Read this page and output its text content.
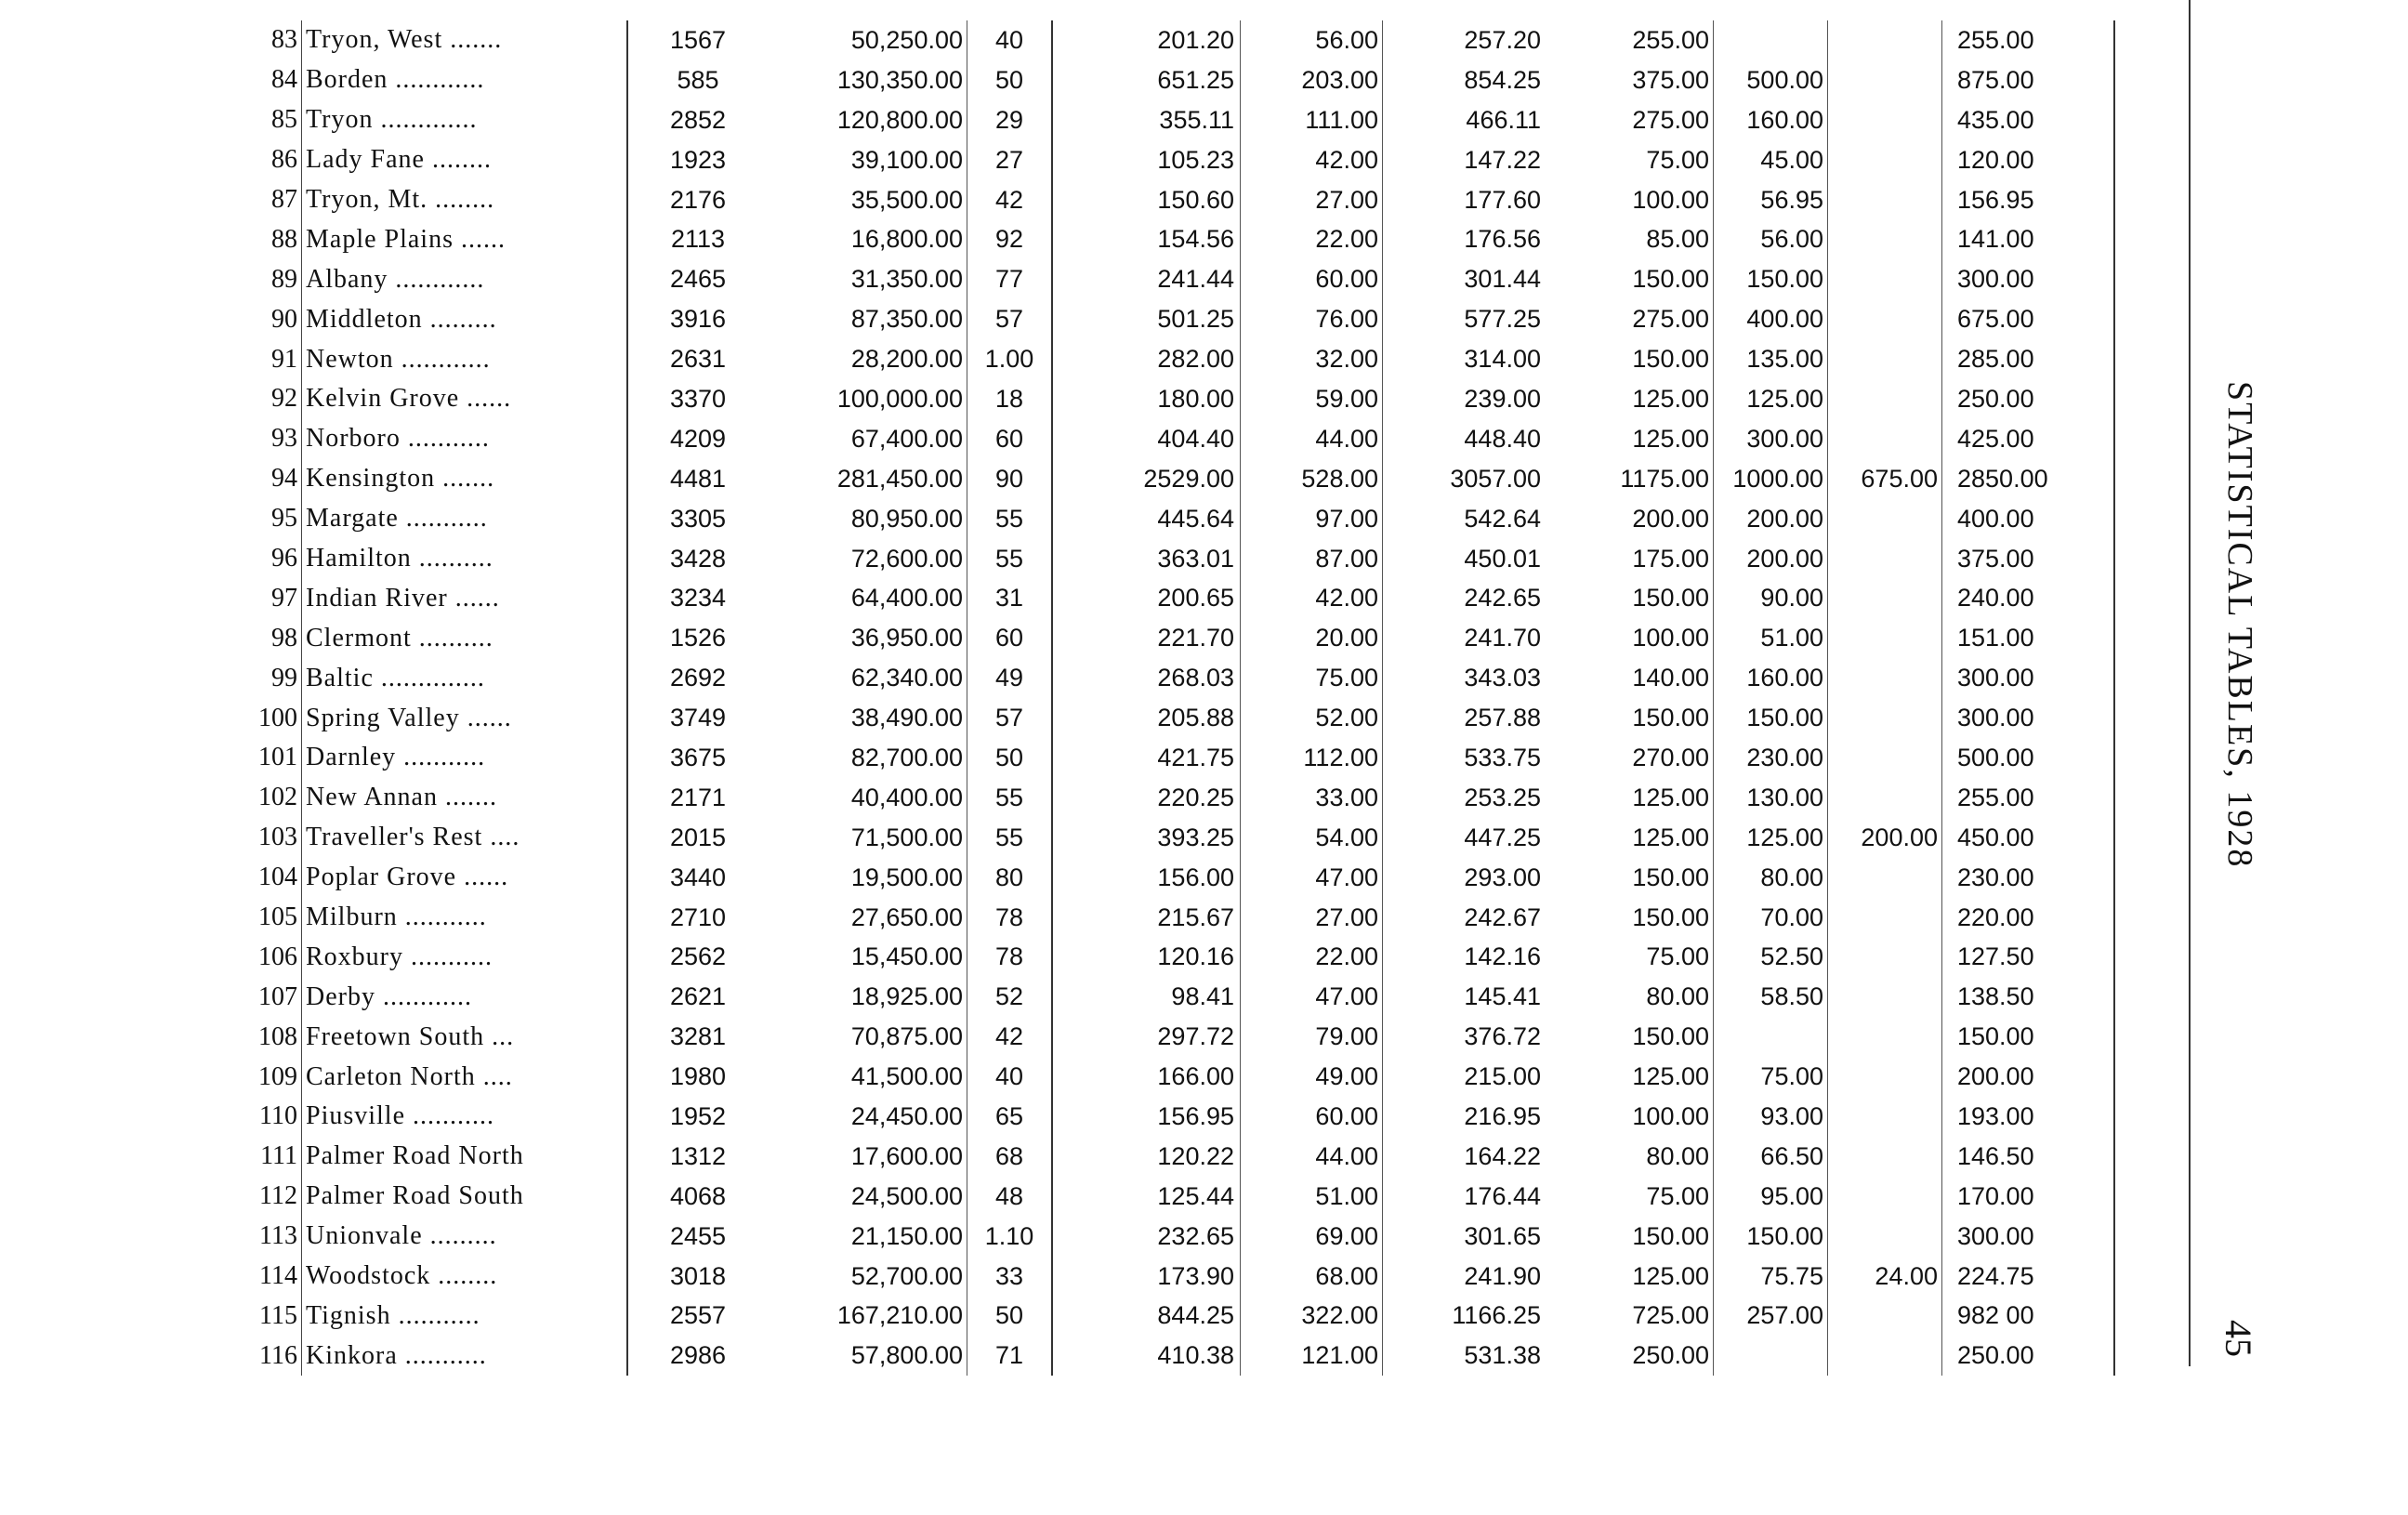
83	Tryon, West .......	1567	50,250.00	40	201.20	56.00	257.20	255.00			255.00
84	Borden ............	585	130,350.00	50	651.25	203.00	854.25	375.00	500.00		875.00
85	Tryon .............	2852	120,800.00	29	355.11	111.00	466.11	275.00	160.00		435.00
86	Lady Fane ........	1923	39,100.00	27	105.23	42.00	147.22	75.00	45.00		120.00
87	Tryon, Mt. ........	2176	35,500.00	42	150.60	27.00	177.60	100.00	56.95		156.95
88	Maple Plains ......	2113	16,800.00	92	154.56	22.00	176.56	85.00	56.00		141.00
89	Albany ............	2465	31,350.00	77	241.44	60.00	301.44	150.00	150.00		300.00
90	Middleton .........	3916	87,350.00	57	501.25	76.00	577.25	275.00	400.00		675.00
91	Newton ............	2631	28,200.00	1.00	282.00	32.00	314.00	150.00	135.00		285.00
92	Kelvin Grove ......	3370	100,000.00	18	180.00	59.00	239.00	125.00	125.00		250.00
93	Norboro ...........	4209	67,400.00	60	404.40	44.00	448.40	125.00	300.00		425.00
94	Kensington .......	4481	281,450.00	90	2529.00	528.00	3057.00	1175.00	1000.00	675.00	2850.00
95	Margate ...........	3305	80,950.00	55	445.64	97.00	542.64	200.00	200.00		400.00
96	Hamilton ..........	3428	72,600.00	55	363.01	87.00	450.01	175.00	200.00		375.00
97	Indian River ......	3234	64,400.00	31	200.65	42.00	242.65	150.00	90.00		240.00
98	Clermont ..........	1526	36,950.00	60	221.70	20.00	241.70	100.00	51.00		151.00
99	Baltic ..............	2692	62,340.00	49	268.03	75.00	343.03	140.00	160.00		300.00
100	Spring Valley ......	3749	38,490.00	57	205.88	52.00	257.88	150.00	150.00		300.00
101	Darnley ...........	3675	82,700.00	50	421.75	112.00	533.75	270.00	230.00		500.00
102	New Annan .......	2171	40,400.00	55	220.25	33.00	253.25	125.00	130.00		255.00
103	Traveller's Rest ....	2015	71,500.00	55	393.25	54.00	447.25	125.00	125.00	200.00	450.00
104	Poplar Grove ......	3440	19,500.00	80	156.00	47.00	293.00	150.00	80.00		230.00
105	Milburn ...........	2710	27,650.00	78	215.67	27.00	242.67	150.00	70.00		220.00
106	Roxbury ...........	2562	15,450.00	78	120.16	22.00	142.16	75.00	52.50		127.50
107	Derby ............	2621	18,925.00	52	98.41	47.00	145.41	80.00	58.50		138.50
108	Freetown South ...	3281	70,875.00	42	297.72	79.00	376.72	150.00			150.00
109	Carleton North ....	1980	41,500.00	40	166.00	49.00	215.00	125.00	75.00		200.00
110	Piusville ...........	1952	24,450.00	65	156.95	60.00	216.95	100.00	93.00		193.00
111	Palmer Road North	1312	17,600.00	68	120.22	44.00	164.22	80.00	66.50		146.50
112	Palmer Road South	4068	24,500.00	48	125.44	51.00	176.44	75.00	95.00		170.00
113	Unionvale .........	2455	21,150.00	1.10	232.65	69.00	301.65	150.00	150.00		300.00
114	Woodstock ........	3018	52,700.00	33	173.90	68.00	241.90	125.00	75.75	24.00	224.75
115	Tignish ...........	2557	167,210.00	50	844.25	322.00	1166.25	725.00	257.00		982 00
116	Kinkora ...........	2986	57,800.00	71	410.38	121.00	531.38	250.00			250.00
STATISTICAL TABLES, 1928
45
